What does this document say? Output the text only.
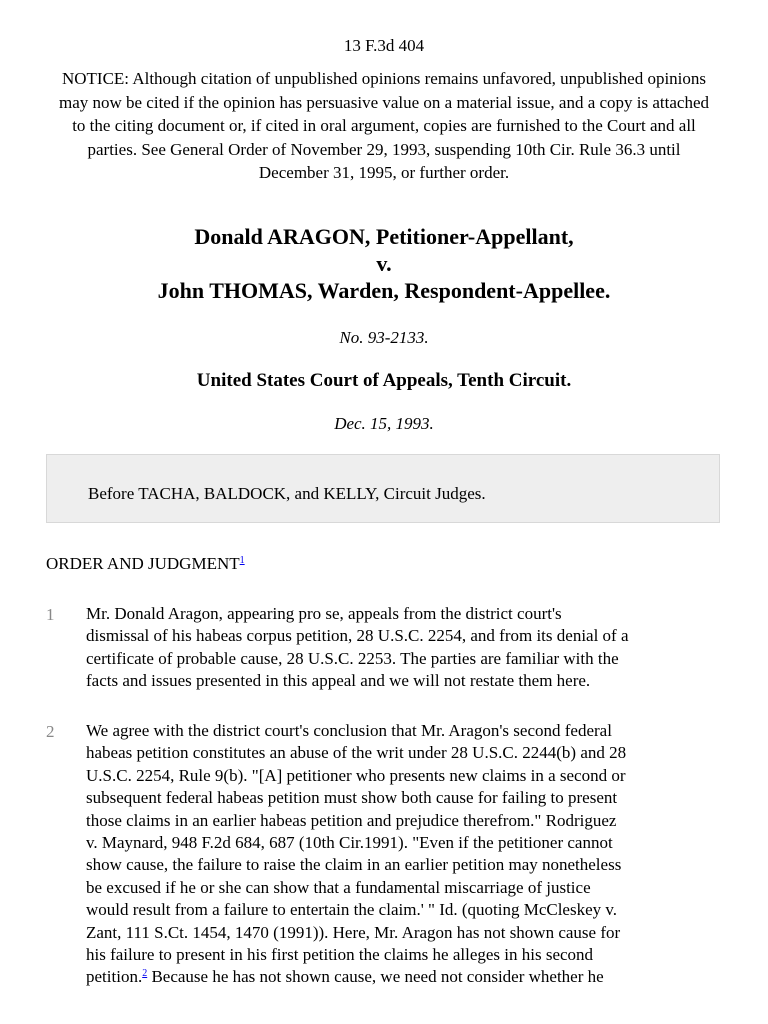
13 F.3d 404
NOTICE: Although citation of unpublished opinions remains unfavored, unpublished opinions may now be cited if the opinion has persuasive value on a material issue, and a copy is attached to the citing document or, if cited in oral argument, copies are furnished to the Court and all parties. See General Order of November 29, 1993, suspending 10th Cir. Rule 36.3 until December 31, 1995, or further order.
Donald ARAGON, Petitioner-Appellant,
v.
John THOMAS, Warden, Respondent-Appellee.
No. 93-2133.
United States Court of Appeals, Tenth Circuit.
Dec. 15, 1993.
Before TACHA, BALDOCK, and KELLY, Circuit Judges.
ORDER AND JUDGMENT$^1$
1 Mr. Donald Aragon, appearing pro se, appeals from the district court's
dismissal of his habeas corpus petition, 28 U.S.C. 2254, and from its denial of a
certificate of probable cause, 28 U.S.C. 2253. The parties are familiar with the
facts and issues presented in this appeal and we will not restate them here.
2 We agree with the district court's conclusion that Mr. Aragon's second federal
habeas petition constitutes an abuse of the writ under 28 U.S.C. 2244(b) and 28
U.S.C. 2254, Rule 9(b). "[A] petitioner who presents new claims in a second or
subsequent federal habeas petition must show both cause for failing to present
those claims in an earlier habeas petition and prejudice therefrom." Rodriguez
v. Maynard, 948 F.2d 684, 687 (10th Cir.1991). "Even if the petitioner cannot
show cause, the failure to raise the claim in an earlier petition may nonetheless
be excused if he or she can show that a fundamental miscarriage of justice
would result from a failure to entertain the claim.' " Id. (quoting McCleskey v.
Zant, 111 S.Ct. 1454, 1470 (1991)). Here, Mr. Aragon has not shown cause for
his failure to present in his first petition the claims he alleges in his second
petition.$^2$ Because he has not shown cause, we need not consider whether he
